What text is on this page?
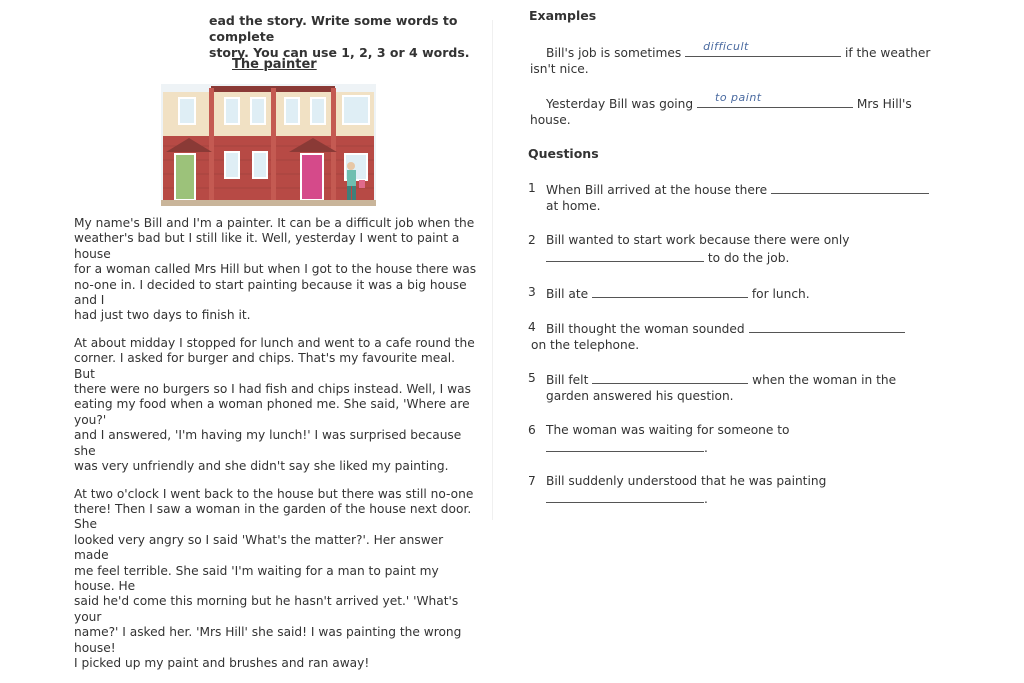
ead the story. Write some words to complete
story. You can use 1, 2, 3 or 4 words.
The painter

My name's Bill and I'm a painter. It can be a difficult job when the
weather's bad but I still like it. Well, yesterday I went to paint a house
for a woman called Mrs Hill but when I got to the house there was
no-one in. I decided to start painting because it was a big house and I
had just two days to finish it.

At about midday I stopped for lunch and went to a cafe round the
corner. I asked for burger and chips. That's my favourite meal. But
there were no burgers so I had fish and chips instead. Well, I was
eating my food when a woman phoned me. She said, 'Where are you?'
and I answered, 'I'm having my lunch!' I was surprised because she
was very unfriendly and she didn't say she liked my painting.

At two o'clock I went back to the house but there was still no-one
there! Then I saw a woman in the garden of the house next door. She
looked very angry so I said 'What's the matter?'. Her answer made
me feel terrible. She said 'I'm waiting for a man to paint my house. He
said he'd come this morning but he hasn't arrived yet.' 'What's your
name?' I asked her. 'Mrs Hill' she said! I was painting the wrong house!
I picked up my paint and brushes and ran away!

Examples
Bill's job is sometimes difficult	if the weather
isn't nice.
Yesterday Bill was going to paint	Mrs Hill's
house.
Questions
1 When Bill arrived at the house there
at home.
2 Bill wanted to start work because there were only
to do the job.
3 Bill ate	for lunch.
4 Bill thought the woman sounded
on the telephone.
5 Bill felt	when the woman in the
garden answered his question.
6 The woman was waiting for someone to
.
7 Bill suddenly understood that he was painting
.
